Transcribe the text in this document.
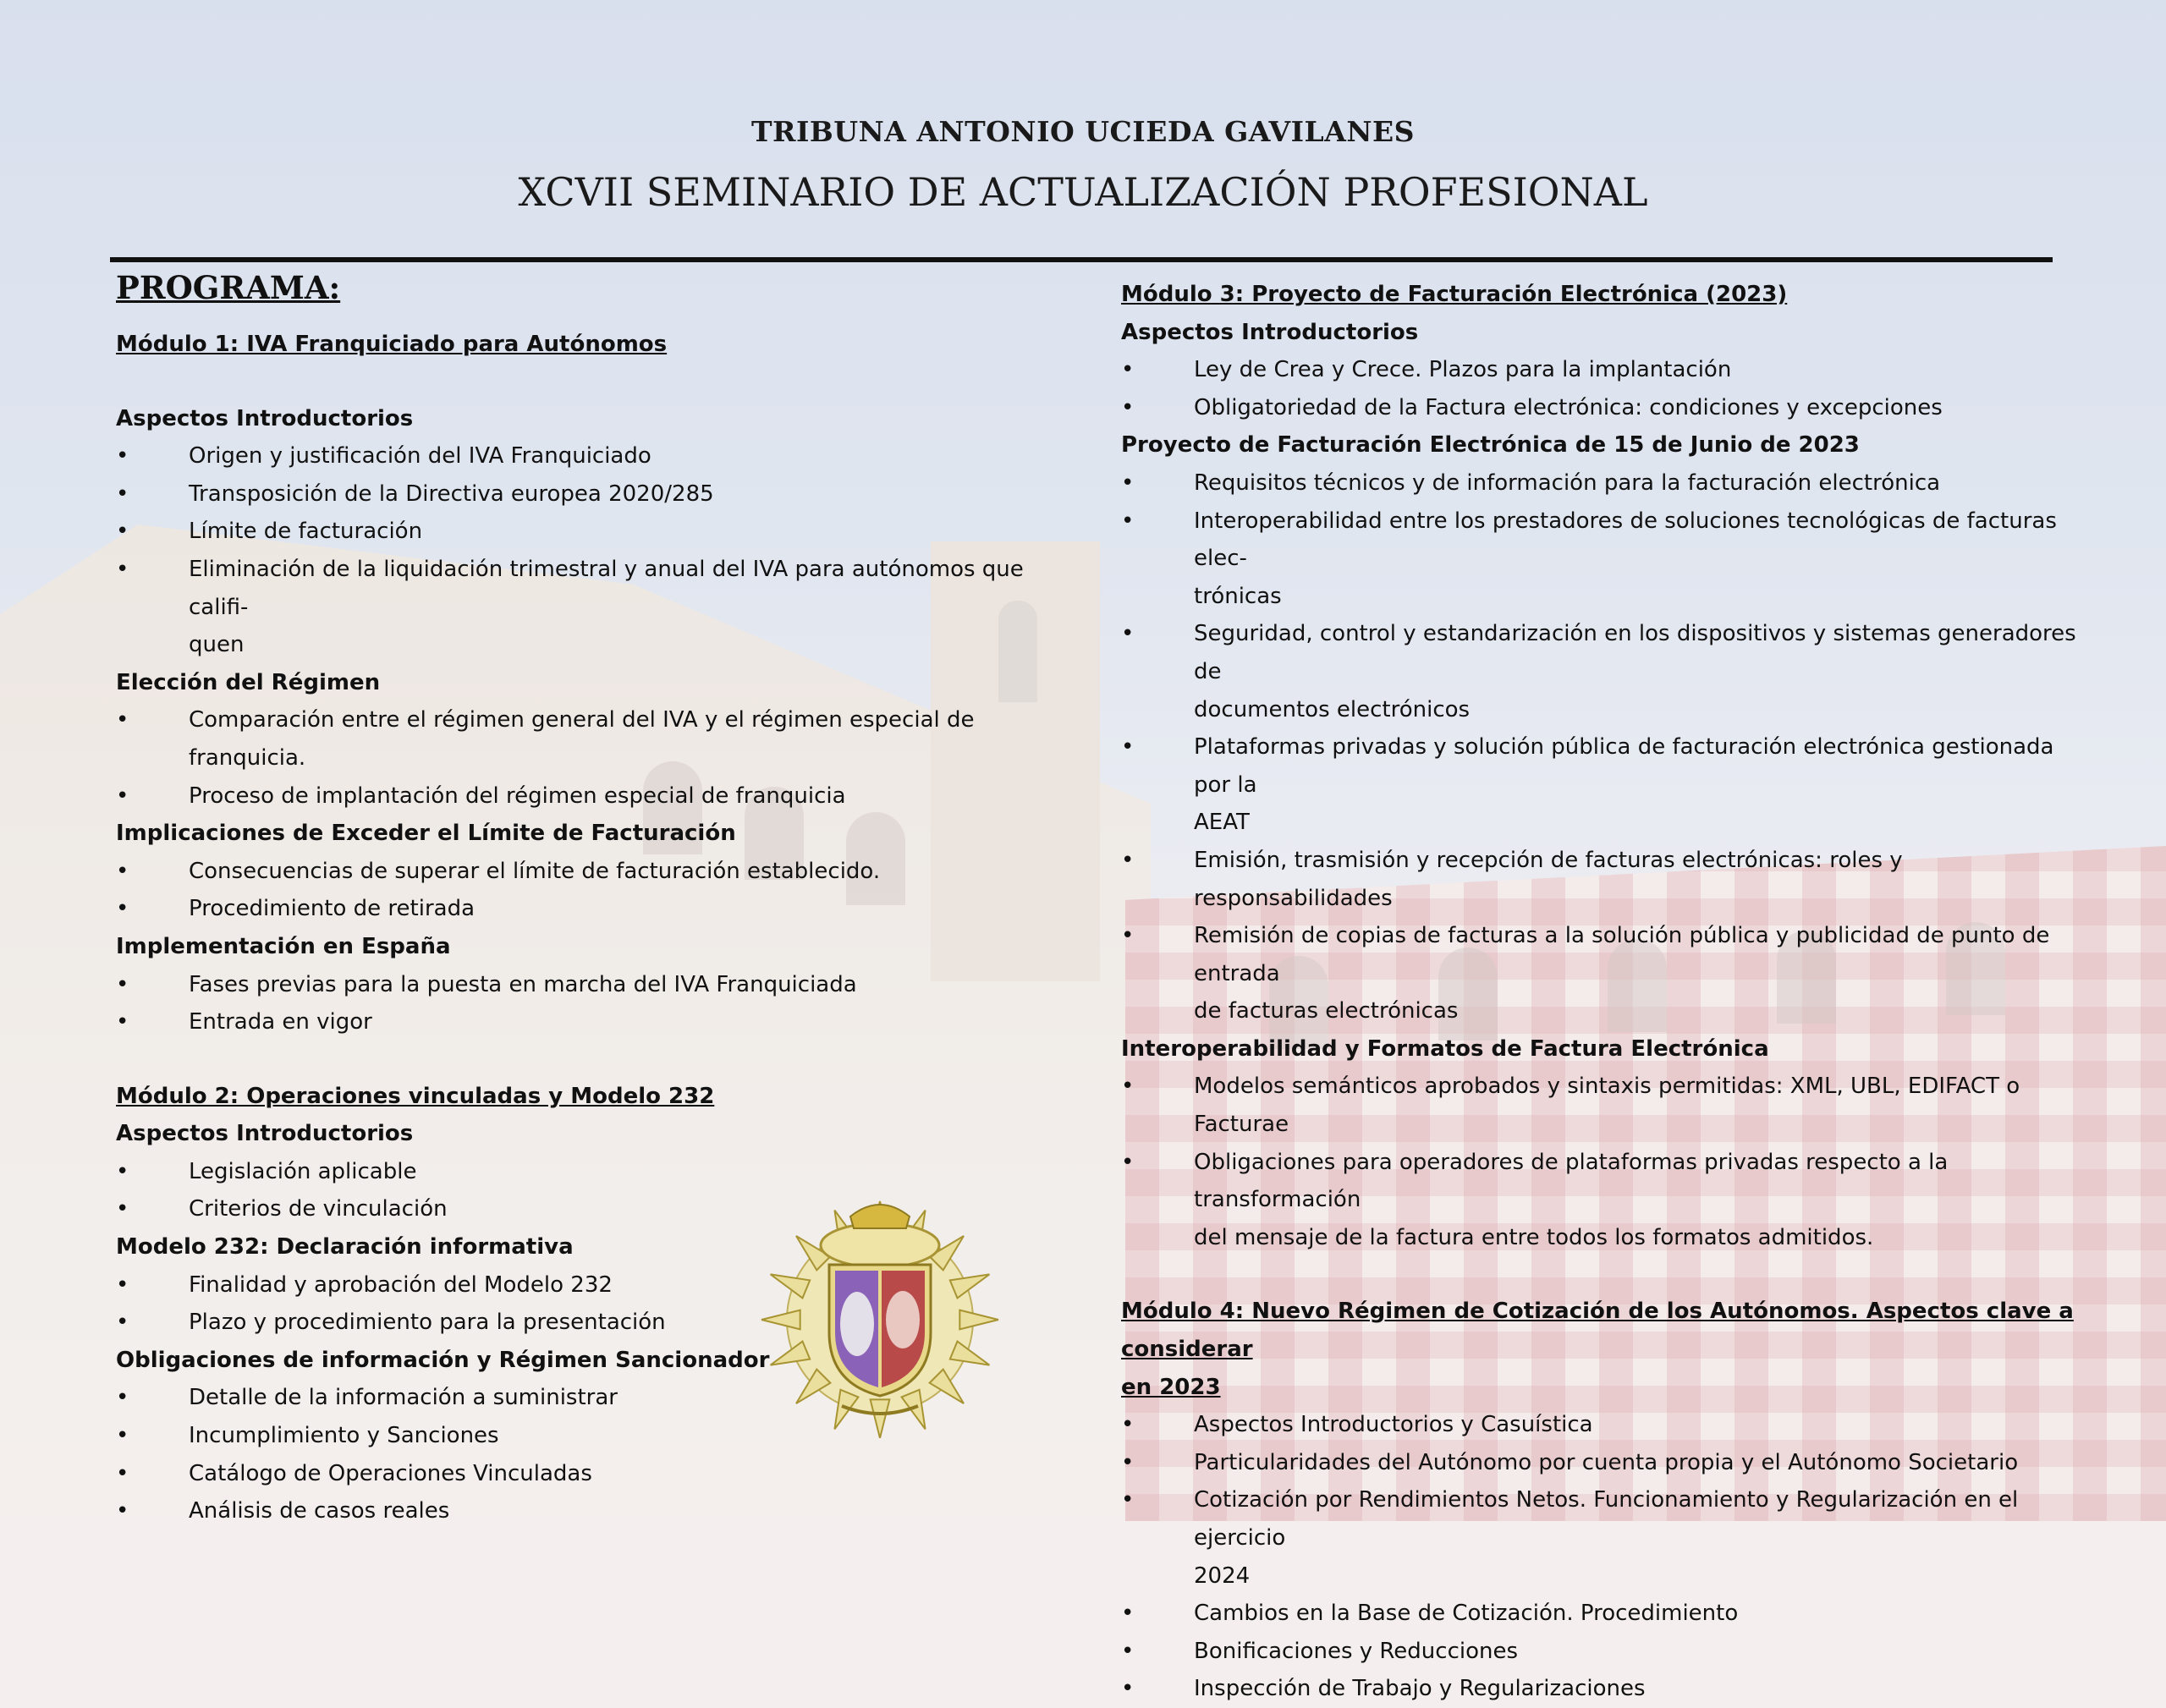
TRIBUNA ANTONIO UCIEDA GAVILANES
XCVII SEMINARIO DE ACTUALIZACIÓN PROFESIONAL
PROGRAMA:
Módulo 1: IVA Franquiciado para Autónomos
Aspectos Introductorios
•	Origen y justificación del IVA Franquiciado
•	Transposición de la Directiva europea 2020/285
•	Límite de facturación
•	Eliminación de la liquidación trimestral y anual del IVA para autónomos que califi-
quen
Elección del Régimen
•	Comparación entre el régimen general del IVA y el régimen especial de franquicia.
•	Proceso de implantación del régimen especial de franquicia
Implicaciones de Exceder el Límite de Facturación
•	Consecuencias de superar el límite de facturación establecido.
•	Procedimiento de retirada
Implementación en España
•	Fases previas para la puesta en marcha del IVA Franquiciada
•	Entrada en vigor
Módulo 2: Operaciones vinculadas y Modelo 232
Aspectos Introductorios
•	Legislación aplicable
•	Criterios de vinculación
Modelo 232: Declaración informativa
•	Finalidad y aprobación del Modelo 232
•	Plazo y procedimiento para la presentación
Obligaciones de información y Régimen Sancionador
•	Detalle de la información a suministrar
•	Incumplimiento y Sanciones
•	Catálogo de Operaciones Vinculadas
•	Análisis de casos reales
Módulo 3: Proyecto de Facturación Electrónica (2023)
Aspectos Introductorios
•	Ley de Crea y Crece. Plazos para la implantación
•	Obligatoriedad de la Factura electrónica: condiciones y excepciones
Proyecto de Facturación Electrónica de 15 de Junio de 2023
•	Requisitos técnicos y de información para la facturación electrónica
•	Interoperabilidad entre los prestadores de soluciones tecnológicas de facturas elec-
trónicas
•	Seguridad, control y estandarización en los dispositivos y sistemas generadores de
documentos electrónicos
•	Plataformas privadas y solución pública de facturación electrónica gestionada por la
AEAT
•	Emisión, trasmisión y recepción de facturas electrónicas: roles y responsabilidades
•	Remisión de copias de facturas a la solución pública y publicidad de punto de entrada
de facturas electrónicas
Interoperabilidad y Formatos de Factura Electrónica
•	Modelos semánticos aprobados y sintaxis permitidas: XML, UBL, EDIFACT o Facturae
•	Obligaciones para operadores de plataformas privadas respecto a la transformación
del mensaje de la factura entre todos los formatos admitidos.
Módulo 4: Nuevo Régimen de Cotización de los Autónomos. Aspectos clave a considerar
en 2023
•	Aspectos Introductorios y Casuística
•	Particularidades del Autónomo por cuenta propia y el Autónomo Societario
•	Cotización por Rendimientos Netos. Funcionamiento y Regularización en el ejercicio
2024
•	Cambios en la Base de Cotización. Procedimiento
•	Bonificaciones y Reducciones
•	Inspección de Trabajo y Regularizaciones
